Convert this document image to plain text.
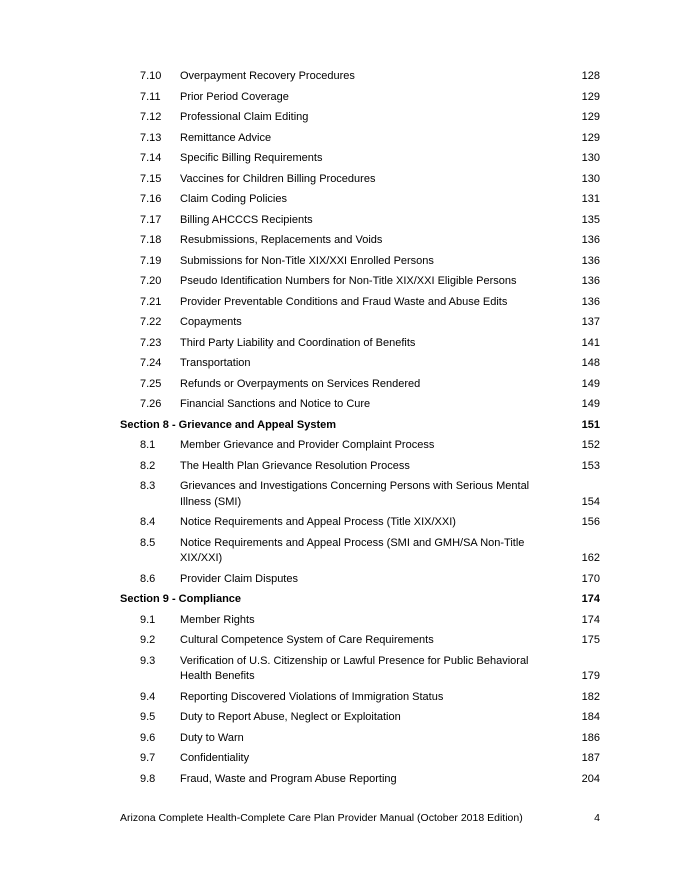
7.10 Overpayment Recovery Procedures	128
7.11 Prior Period Coverage	129
7.12 Professional Claim Editing	129
7.13 Remittance Advice	129
7.14 Specific Billing Requirements	130
7.15 Vaccines for Children Billing Procedures	130
7.16 Claim Coding Policies	131
7.17 Billing AHCCCS Recipients	135
7.18 Resubmissions, Replacements and Voids	136
7.19 Submissions for Non-Title XIX/XXI Enrolled Persons	136
7.20 Pseudo Identification Numbers for Non-Title XIX/XXI Eligible Persons	136
7.21 Provider Preventable Conditions and Fraud Waste and Abuse Edits	136
7.22 Copayments	137
7.23 Third Party Liability and Coordination of Benefits	141
7.24 Transportation	148
7.25 Refunds or Overpayments on Services Rendered	149
7.26 Financial Sanctions and Notice to Cure	149
Section 8 - Grievance and Appeal System	151
8.1 Member Grievance and Provider Complaint Process	152
8.2 The Health Plan Grievance Resolution Process	153
8.3 Grievances and Investigations Concerning Persons with Serious Mental Illness (SMI)	154
8.4 Notice Requirements and Appeal Process (Title XIX/XXI)	156
8.5 Notice Requirements and Appeal Process (SMI and GMH/SA Non-Title XIX/XXI)	162
8.6 Provider Claim Disputes	170
Section 9 - Compliance	174
9.1 Member Rights	174
9.2 Cultural Competence System of Care Requirements	175
9.3 Verification of U.S. Citizenship or Lawful Presence for Public Behavioral Health Benefits	179
9.4 Reporting Discovered Violations of Immigration Status	182
9.5 Duty to Report Abuse, Neglect or Exploitation	184
9.6 Duty to Warn	186
9.7 Confidentiality	187
9.8 Fraud, Waste and Program Abuse Reporting	204
Arizona Complete Health-Complete Care Plan Provider Manual (October 2018 Edition)	4
